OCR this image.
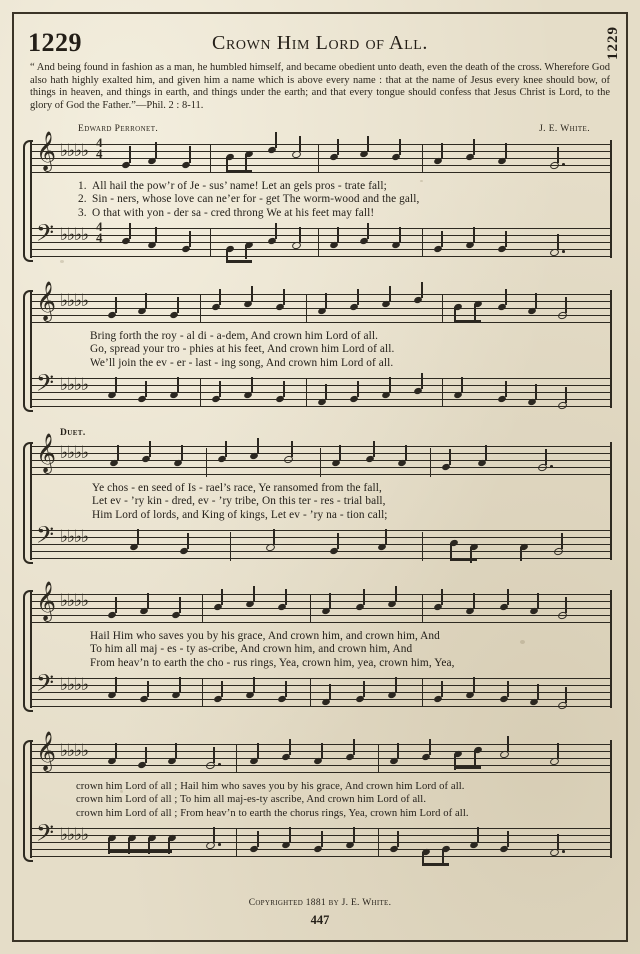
1229	Crown Him Lord of All.	1229
“ And being found in fashion as a man, he humbled himself, and became obedient unto death, even the death of the cross. Wherefore God also hath highly exalted him, and given him a name which is above every name : that at the name of Jesus every knee should bow, of things in heaven, and things in earth, and things under the earth; and that every tongue should confess that Jesus Christ is Lord, to the glory of God the Father.”—Phil. 2 : 8-11.
Edward Perronet.	J. E. White.
𝄞 ♭♭♭♭ 4
4
1. All hail the pow’r of Je - sus’ name! Let an gels pros - trate fall;
2. Sin - ners, whose love can ne’er for - get The worm-wood and the gall,
3. O that with yon - der sa - cred throng We at his feet may fall!
𝄢 ♭♭♭♭ 4
4
𝄞 ♭♭♭♭
Bring forth the roy - al di - a-dem, And crown him Lord of all.
Go, spread your tro - phies at his feet, And crown him Lord of all.
We’ll join the ev - er - last - ing song, And crown him Lord of all.
𝄢 ♭♭♭♭
Duet.
𝄞 ♭♭♭♭
Ye chos - en seed of Is - rael’s race, Ye ransomed from the fall,
Let ev - ’ry kin - dred, ev - ’ry tribe, On this ter - res - trial ball,
Him Lord of lords, and King of kings, Let ev - ’ry na - tion call;
𝄢 ♭♭♭♭
𝄞 ♭♭♭♭
Hail Him who saves you by his grace, And crown him, and crown him, And
To him all maj - es - ty as-cribe, And crown him, and crown him, And
From heav’n to earth the cho - rus rings, Yea, crown him, yea, crown him, Yea,
𝄢 ♭♭♭♭
𝄞 ♭♭♭♭
crown him Lord of all ; Hail him who saves you by his grace, And crown him Lord of all.
crown him Lord of all ; To him all maj-es-ty ascribe, And crown him Lord of all.
crown him Lord of all ; From heav’n to earth the chorus rings, Yea, crown him Lord of all.
𝄢 ♭♭♭♭
Copyrighted 1881 by J. E. White.
447
